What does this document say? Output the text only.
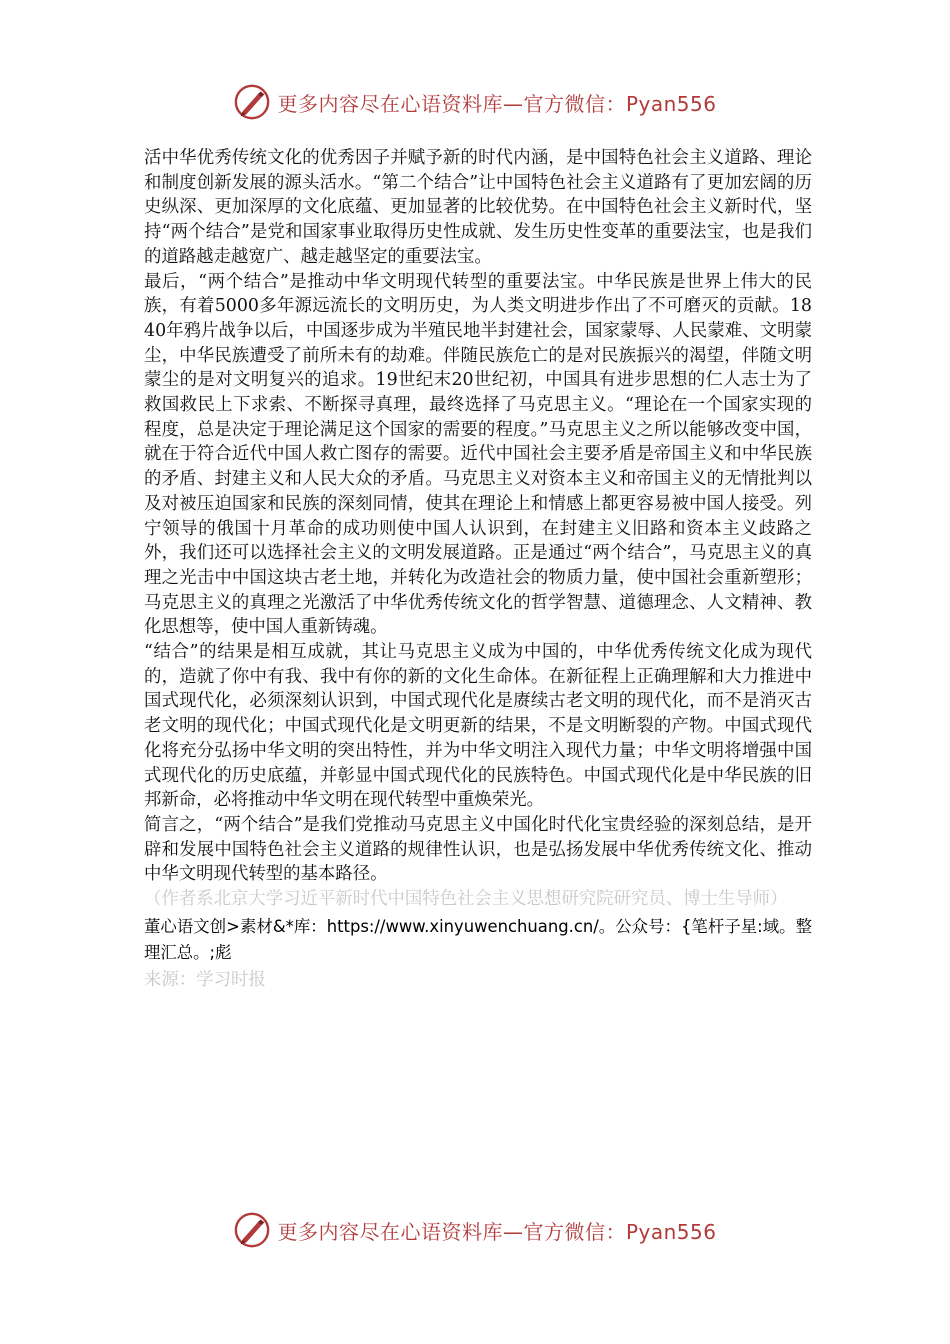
更多内容尽在心语资料库—官方微信：Pyan556

活中华优秀传统文化的优秀因子并赋予新的时代内涵，是中国特色社会主义道路、理论和制度创新发展的源头活水。“第二个结合”让中国特色社会主义道路有了更加宏阔的历史纵深、更加深厚的文化底蕴、更加显著的比较优势。在中国特色社会主义新时代，坚持“两个结合”是党和国家事业取得历史性成就、发生历史性变革的重要法宝，也是我们的道路越走越宽广、越走越坚定的重要法宝。

最后，“两个结合”是推动中华文明现代转型的重要法宝。中华民族是世界上伟大的民族，有着5000多年源远流长的文明历史，为人类文明进步作出了不可磨灭的贡献。1840年鸦片战争以后，中国逐步成为半殖民地半封建社会，国家蒙辱、人民蒙难、文明蒙尘，中华民族遭受了前所未有的劫难。伴随民族危亡的是对民族振兴的渴望，伴随文明蒙尘的是对文明复兴的追求。19世纪末20世纪初，中国具有进步思想的仁人志士为了救国救民上下求索、不断探寻真理，最终选择了马克思主义。“理论在一个国家实现的程度，总是决定于理论满足这个国家的需要的程度。”马克思主义之所以能够改变中国，就在于符合近代中国人救亡图存的需要。近代中国社会主要矛盾是帝国主义和中华民族的矛盾、封建主义和人民大众的矛盾。马克思主义对资本主义和帝国主义的无情批判以及对被压迫国家和民族的深刻同情，使其在理论上和情感上都更容易被中国人接受。列宁领导的俄国十月革命的成功则使中国人认识到，在封建主义旧路和资本主义歧路之外，我们还可以选择社会主义的文明发展道路。正是通过“两个结合”，马克思主义的真理之光击中中国这块古老土地，并转化为改造社会的物质力量，使中国社会重新塑形；马克思主义的真理之光激活了中华优秀传统文化的哲学智慧、道德理念、人文精神、教化思想等，使中国人重新铸魂。

“结合”的结果是相互成就，其让马克思主义成为中国的，中华优秀传统文化成为现代的，造就了你中有我、我中有你的新的文化生命体。在新征程上正确理解和大力推进中国式现代化，必须深刻认识到，中国式现代化是赓续古老文明的现代化，而不是消灭古老文明的现代化；中国式现代化是文明更新的结果，不是文明断裂的产物。中国式现代化将充分弘扬中华文明的突出特性，并为中华文明注入现代力量；中华文明将增强中国式现代化的历史底蕴，并彰显中国式现代化的民族特色。中国式现代化是中华民族的旧邦新命，必将推动中华文明在现代转型中重焕荣光。

简言之，“两个结合”是我们党推动马克思主义中国化时代化宝贵经验的深刻总结，是开辟和发展中国特色社会主义道路的规律性认识，也是弘扬发展中华优秀传统文化、推动中华文明现代转型的基本路径。

（作者系北京大学习近平新时代中国特色社会主义思想研究院研究员、博士生导师）

董心语文创>素材&*库：https://www.xinyuwenchuang.cn/。公众号：{笔杆子星:域。整理汇总。;彪

来源：学习时报

更多内容尽在心语资料库—官方微信：Pyan556
